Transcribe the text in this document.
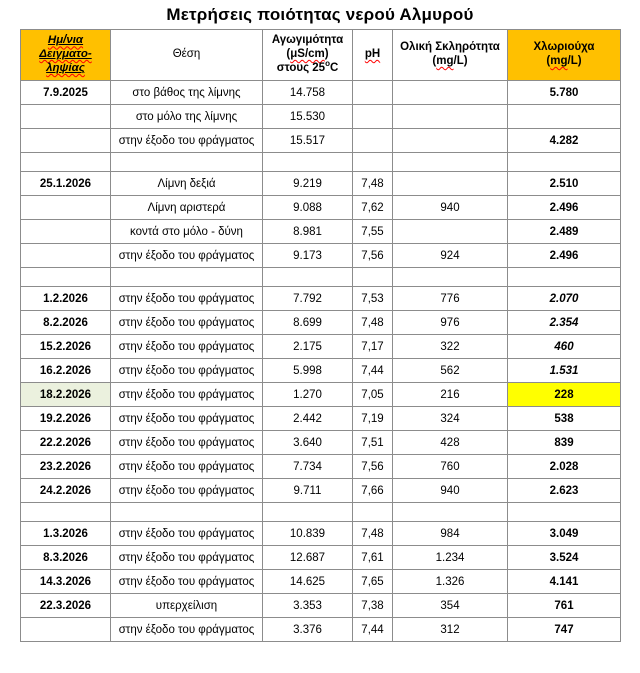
Μετρήσεις ποιότητας νερού Αλμυρού
Ημ/νια
Δειγματο-
ληψίας	Θέση	Αγωγιμότητα
(μS/cm)
στους $25^oC$	pH	Ολική Σκληρότητα
(mg/L)	Χλωριούχα
(mg/L)

7.9.2025	στο βάθος της λίμνης	14.758			5.780
	στο μόλο της λίμνης	15.530			
	στην έξοδο του φράγματος	15.517			4.282

25.1.2026	Λίμνη δεξιά	9.219	7,48		2.510
	Λίμνη αριστερά	9.088	7,62	940	2.496
	κοντά στο μόλο - δύνη	8.981	7,55		2.489
	στην έξοδο του φράγματος	9.173	7,56	924	2.496

1.2.2026	στην έξοδο του φράγματος	7.792	7,53	776	2.070
8.2.2026	στην έξοδο του φράγματος	8.699	7,48	976	2.354
15.2.2026	στην έξοδο του φράγματος	2.175	7,17	322	460
16.2.2026	στην έξοδο του φράγματος	5.998	7,44	562	1.531
18.2.2026	στην έξοδο του φράγματος	1.270	7,05	216	228
19.2.2026	στην έξοδο του φράγματος	2.442	7,19	324	538
22.2.2026	στην έξοδο του φράγματος	3.640	7,51	428	839
23.2.2026	στην έξοδο του φράγματος	7.734	7,56	760	2.028
24.2.2026	στην έξοδο του φράγματος	9.711	7,66	940	2.623

1.3.2026	στην έξοδο του φράγματος	10.839	7,48	984	3.049
8.3.2026	στην έξοδο του φράγματος	12.687	7,61	1.234	3.524
14.3.2026	στην έξοδο του φράγματος	14.625	7,65	1.326	4.141
22.3.2026	υπερχείλιση	3.353	7,38	354	761
	στην έξοδο του φράγματος	3.376	7,44	312	747
